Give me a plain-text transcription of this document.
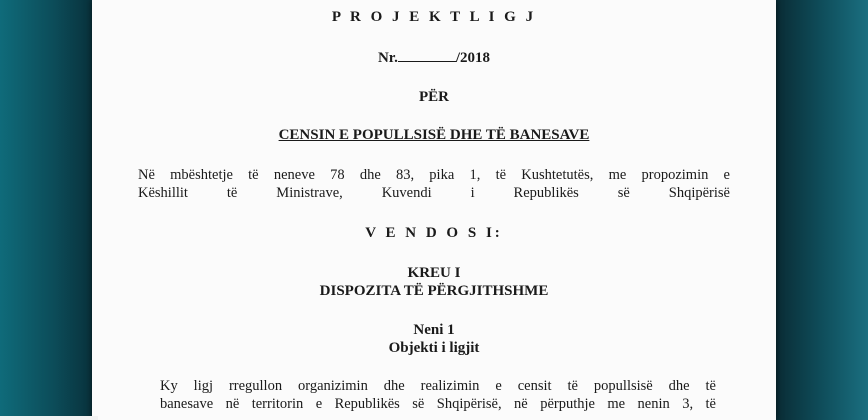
P R O J E K T L I G J
Nr.	/2018
PËR
CENSIN E POPULLSISË DHE TË BANESAVE
Në mbështetje të neneve 78 dhe 83, pika 1, të Kushtetutës, me propozimin e
Këshillit të Ministrave, Kuvendi i Republikës së Shqipërisë
V E N D O S I:
KREU I
DISPOZITA TË PËRGJITHSHME
Neni 1
Objekti i ligjit
Ky ligj rregullon organizimin dhe realizimin e censit të popullsisë dhe të
banesave në territorin e Republikës së Shqipërisë, në përputhje me nenin 3, të
